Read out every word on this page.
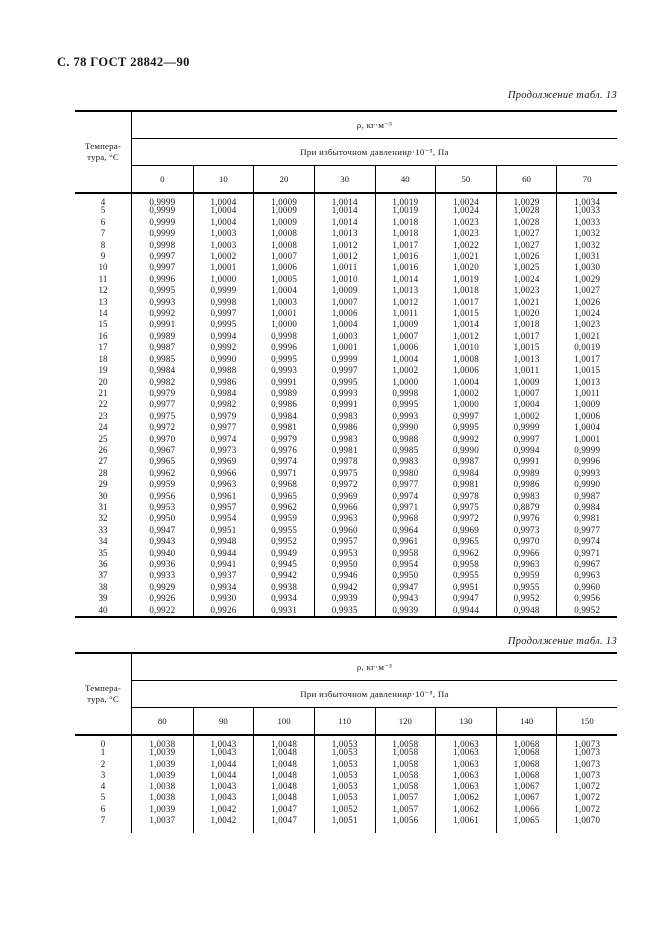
С. 78 ГОСТ 28842—90
Продолжение табл. 13
Темпера-
тура, °С
ρ, кг·м⁻³
При избыточном давлении p ·10⁻⁵, Па
0	10	20	30	40	50	60	70
4	0,9999	1,0004	1,0009	1,0014	1,0019	1,0024	1,0029	1,0034
5	0,9999	1,0004	1,0009	1,0014	1,0019	1,0024	1,0028	1,0033
6	0,9999	1,0004	1,0009	1,0014	1,0018	1,0023	1,0028	1,0033
7	0,9999	1,0003	1,0008	1,0013	1,0018	1,0023	1,0027	1,0032
8	0,9998	1,0003	1,0008	1,0012	1,0017	1,0022	1,0027	1,0032
9	0,9997	1,0002	1,0007	1,0012	1,0016	1,0021	1,0026	1,0031
10	0,9997	1,0001	1,0006	1,0011	1,0016	1,0020	1,0025	1,0030
11	0,9996	1,0000	1,0005	1,0010	1,0014	1,0019	1,0024	1,0029
12	0,9995	0,9999	1,0004	1,0009	1,0013	1,0018	1,0023	1,0027
13	0,9993	0,9998	1,0003	1,0007	1,0012	1,0017	1,0021	1,0026
14	0,9992	0,9997	1,0001	1,0006	1,0011	1,0015	1,0020	1,0024
15	0,9991	0,9995	1,0000	1,0004	1,0009	1,0014	1,0018	1,0023
16	0,9989	0,9994	0,9998	1,0003	1,0007	1,0012	1,0017	1,0021
17	0,9987	0,9992	0,9996	1,0001	1,0006	1,0010	1,0015	0,0019
18	0,9985	0,9990	0,9995	0,9999	1,0004	1,0008	1,0013	1,0017
19	0,9984	0,9988	0,9993	0,9997	1,0002	1,0006	1,0011	1,0015
20	0,9982	0,9986	0,9991	0,9995	1,0000	1,0004	1,0009	1,0013
21	0,9979	0,9984	0,9989	0,9993	0,9998	1,0002	1,0007	1,0011
22	0,9977	0,9982	0,9986	0,9991	0,9995	1,0000	1,0004	1,0009
23	0,9975	0,9979	0,9984	0,9983	0,9993	0,9997	1,0002	1,0006
24	0,9972	0,9977	0,9981	0,9986	0,9990	0,9995	0,9999	1,0004
25	0,9970	0,9974	0,9979	0,9983	0,9988	0,9992	0,9997	1,0001
26	0,9967	0,9973	0,9976	0,9981	0,9985	0,9990	0,9994	0,9999
27	0,9965	0,9969	0,9974	0,9978	0,9983	0,9987	0,9991	0,9996
28	0,9962	0,9966	0,9971	0,9975	0,9980	0,9984	0,9989	0,9993
29	0,9959	0,9963	0,9968	0,9972	0,9977	0,9981	0,9986	0,9990
30	0,9956	0,9961	0,9965	0,9969	0,9974	0,9978	0,9983	0,9987
31	0,9953	0,9957	0,9962	0,9966	0,9971	0,9975	0,8879	0,9984
32	0,9950	0,9954	0,9959	0,9963	0,9968	0,9972	0,9976	0,9981
33	0,9947	0,9951	0,9955	0,9960	0,9964	0,9969	0,9973	0,9977
34	0,9943	0,9948	0,9952	0,9957	0,9961	0,9965	0,9970	0,9974
35	0,9940	0,9944	0,9949	0,9953	0,9958	0,9962	0,9966	0,9971
36	0,9936	0,9941	0,9945	0,9950	0,9954	0,9958	0,9963	0,9967
37	0,9933	0,9937	0,9942	0,9946	0,9950	0,9955	0,9959	0,9963
38	0,9929	0,9934	0,9938	0,9942	0,9947	0,9951	0,9955	0,9960
39	0,9926	0,9930	0,9934	0,9939	0,9943	0,9947	0,9952	0,9956
40	0,9922	0,9926	0,9931	0,9935	0,9939	0,9944	0,9948	0,9952
Продолжение табл. 13
Темпера-
тура, °С
ρ, кг·м⁻³
При избыточном давлении p ·10⁻⁵, Па
80	90	100	110	120	130	140	150
0	1,0038	1,0043	1,0048	1,0053	1,0058	1,0063	1,0068	1,0073
1	1,0039	1,0043	1,0048	1,0053	1,0058	1,0063	1,0068	1,0073
2	1,0039	1,0044	1,0048	1,0053	1,0058	1,0063	1,0068	1,0073
3	1,0039	1,0044	1,0048	1,0053	1,0058	1,0063	1,0068	1,0073
4	1,0038	1,0043	1,0048	1,0053	1,0058	1,0063	1,0067	1,0072
5	1,0038	1,0043	1,0048	1,0053	1,0057	1,0062	1,0067	1,0072
6	1,0039	1,0042	1,0047	1,0052	1,0057	1,0062	1,0066	1,0072
7	1,0037	1,0042	1,0047	1,0051	1,0056	1,0061	1,0065	1,0070
